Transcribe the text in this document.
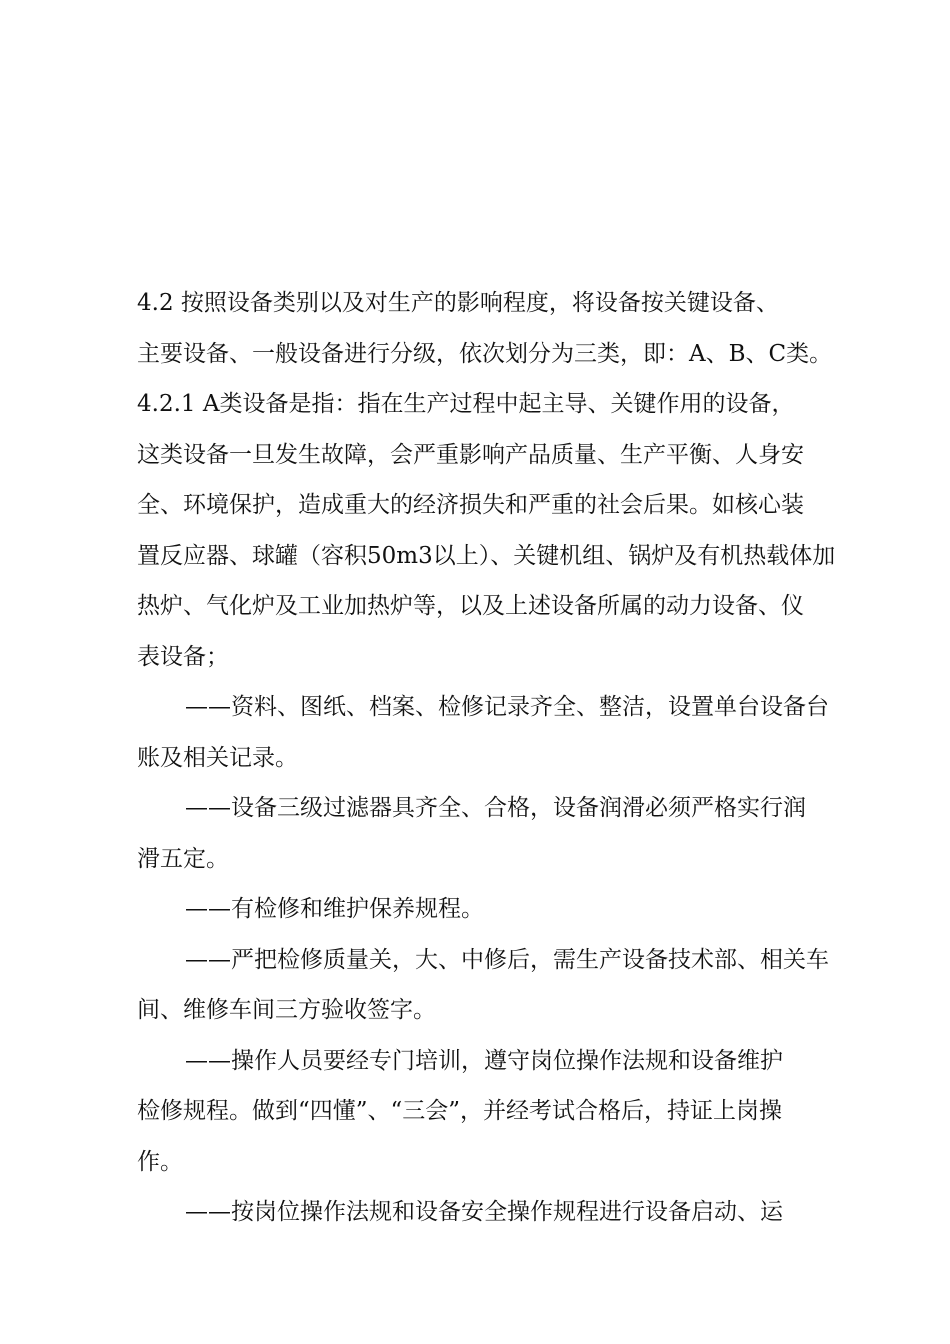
4.2 按照设备类别以及对生产的影响程度，将设备按关键设备、
主要设备、一般设备进行分级，依次划分为三类，即：A、B、C类。
4.2.1 A类设备是指：指在生产过程中起主导、关键作用的设备，
这类设备一旦发生故障，会严重影响产品质量、生产平衡、人身安
全、环境保护，造成重大的经济损失和严重的社会后果。如核心装
置反应器、球罐（容积50m3以上）、关键机组、锅炉及有机热载体加
热炉、气化炉及工业加热炉等，以及上述设备所属的动力设备、仪
表设备；
——资料、图纸、档案、检修记录齐全、整洁，设置单台设备台
账及相关记录。
——设备三级过滤器具齐全、合格，设备润滑必须严格实行润
滑五定。
——有检修和维护保养规程。
——严把检修质量关，大、中修后，需生产设备技术部、相关车
间、维修车间三方验收签字。
——操作人员要经专门培训，遵守岗位操作法规和设备维护
检修规程。做到“四懂”、“三会”，并经考试合格后，持证上岗操
作。
——按岗位操作法规和设备安全操作规程进行设备启动、运
